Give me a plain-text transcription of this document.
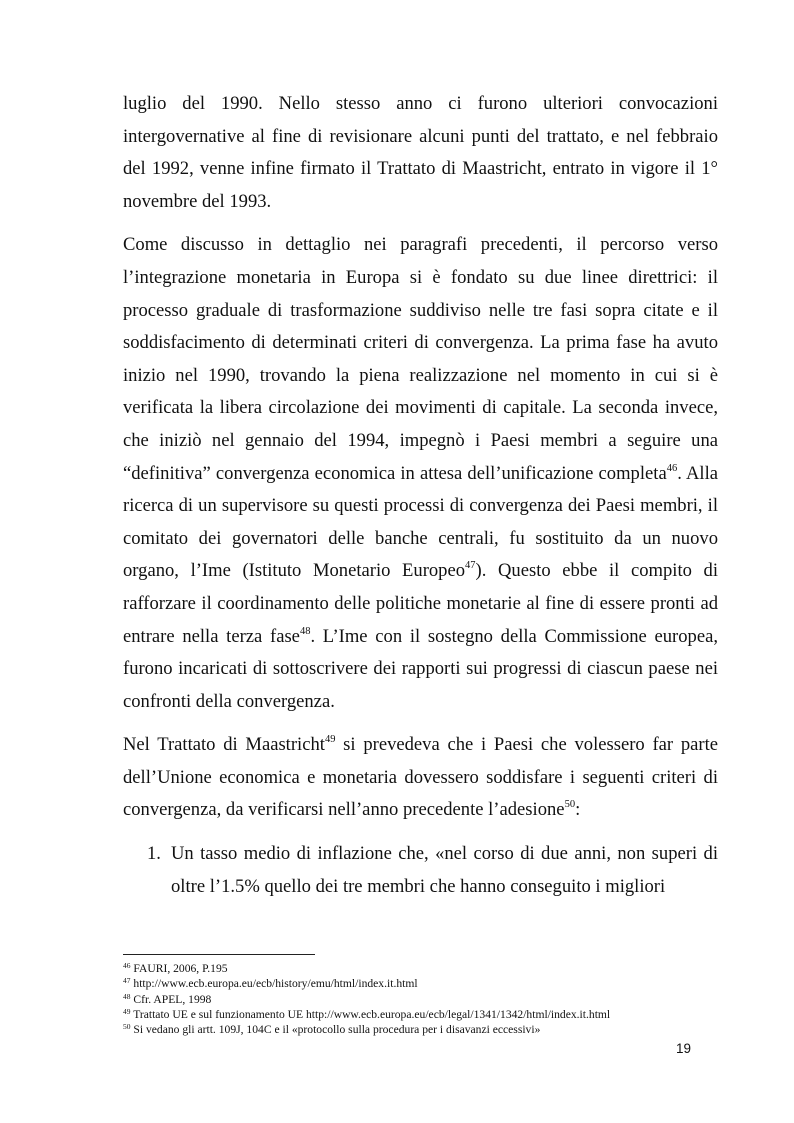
luglio del 1990. Nello stesso anno ci furono ulteriori convocazioni intergovernative al fine di revisionare alcuni punti del trattato, e nel febbraio del 1992, venne infine firmato il Trattato di Maastricht, entrato in vigore il 1° novembre del 1993.

Come discusso in dettaglio nei paragrafi precedenti, il percorso verso l’integrazione monetaria in Europa si è fondato su due linee direttrici: il processo graduale di trasformazione suddiviso nelle tre fasi sopra citate e il soddisfacimento di determinati criteri di convergenza. La prima fase ha avuto inizio nel 1990, trovando la piena realizzazione nel momento in cui si è verificata la libera circolazione dei movimenti di capitale. La seconda invece, che iniziò nel gennaio del 1994, impegnò i Paesi membri a seguire una “definitiva” convergenza economica in attesa dell’unificazione completa$^{46}$. Alla ricerca di un supervisore su questi processi di convergenza dei Paesi membri, il comitato dei governatori delle banche centrali, fu sostituito da un nuovo organo, l’Ime (Istituto Monetario Europeo$^{47}$). Questo ebbe il compito di rafforzare il coordinamento delle politiche monetarie al fine di essere pronti ad entrare nella terza fase$^{48}$. L’Ime con il sostegno della Commissione europea, furono incaricati di sottoscrivere dei rapporti sui progressi di ciascun paese nei confronti della convergenza.

Nel Trattato di Maastricht$^{49}$ si prevedeva che i Paesi che volessero far parte dell’Unione economica e monetaria dovessero soddisfare i seguenti criteri di convergenza, da verificarsi nell’anno precedente l’adesione$^{50}$:

1. Un tasso medio di inflazione che, «nel corso di due anni, non superi di oltre l’1.5% quello dei tre membri che hanno conseguito i migliori

$^{46}$ FAURI, 2006, P.195

$^{47}$ http://www.ecb.europa.eu/ecb/history/emu/html/index.it.html

$^{48}$ Cfr. APEL, 1998

$^{49}$ Trattato UE e sul funzionamento UE http://www.ecb.europa.eu/ecb/legal/1341/1342/html/index.it.html

$^{50}$ Si vedano gli artt. 109J, 104C e il «protocollo sulla procedura per i disavanzi eccessivi»

19
